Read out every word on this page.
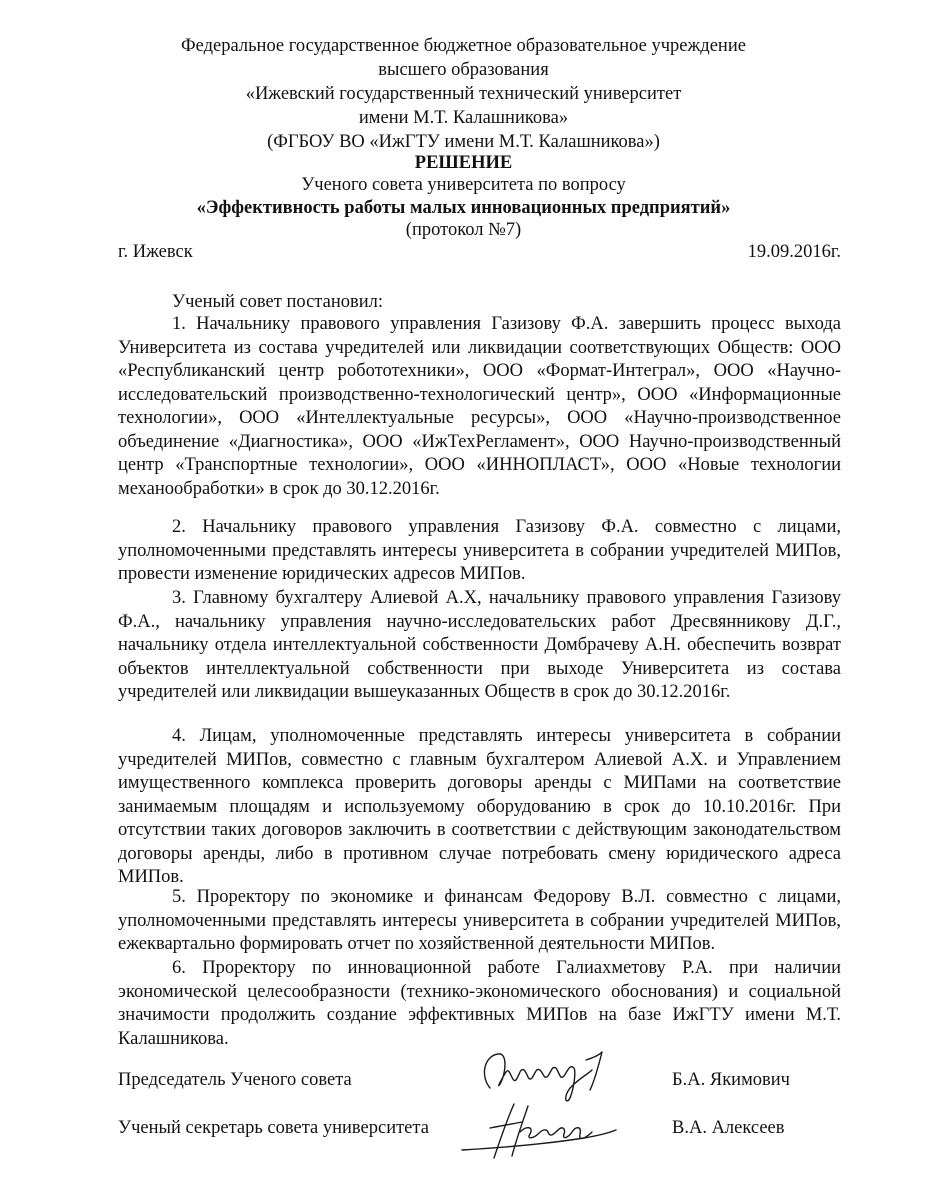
Федеральное государственное бюджетное образовательное учреждение
высшего образования
«Ижевский государственный технический университет
имени М.Т. Калашникова»
(ФГБОУ ВО «ИжГТУ имени М.Т. Калашникова»)
РЕШЕНИЕ
Ученого совета университета по вопросу
«Эффективность работы малых инновационных предприятий»
(протокол №7)
г. Ижевск	19.09.2016г.
Ученый совет постановил:

1. Начальнику правового управления Газизову Ф.А. завершить процесс выхода Университета из состава учредителей или ликвидации соответствующих Обществ: ООО «Республиканский центр робототехники», ООО «Формат-Интеграл», ООО «Научно-исследовательский производственно-технологический центр», ООО «Информационные технологии», ООО «Интеллектуальные ресурсы», ООО «Научно-производственное объединение «Диагностика», ООО «ИжТехРегламент», ООО Научно-производственный центр «Транспортные технологии», ООО «ИННОПЛАСТ», ООО «Новые технологии механообработки» в срок до 30.12.2016г.

2. Начальнику правового управления Газизову Ф.А. совместно с лицами, уполномоченными представлять интересы университета в собрании учредителей МИПов, провести изменение юридических адресов МИПов.

3. Главному бухгалтеру Алиевой А.Х, начальнику правового управления Газизову Ф.А., начальнику управления научно-исследовательских работ Дресвянникову Д.Г., начальнику отдела интеллектуальной собственности Домбрачеву А.Н. обеспечить возврат объектов интеллектуальной собственности при выходе Университета из состава учредителей или ликвидации вышеуказанных Обществ в срок до 30.12.2016г.

4. Лицам, уполномоченные представлять интересы университета в собрании учредителей МИПов, совместно с главным бухгалтером Алиевой А.Х. и Управлением имущественного комплекса проверить договоры аренды с МИПами на соответствие занимаемым площадям и используемому оборудованию в срок до 10.10.2016г. При отсутствии таких договоров заключить в соответствии с действующим законодательством договоры аренды, либо в противном случае потребовать смену юридического адреса МИПов.

5. Проректору по экономике и финансам Федорову В.Л. совместно с лицами, уполномоченными представлять интересы университета в собрании учредителей МИПов, ежеквартально формировать отчет по хозяйственной деятельности МИПов.

6. Проректору по инновационной работе Галиахметову Р.А. при наличии экономической целесообразности (технико-экономического обоснования) и социальной значимости продолжить создание эффективных МИПов на базе ИжГТУ имени М.Т. Калашникова.

Председатель Ученого совета	Б.А. Якимович
Ученый секретарь совета университета	В.А. Алексеев
